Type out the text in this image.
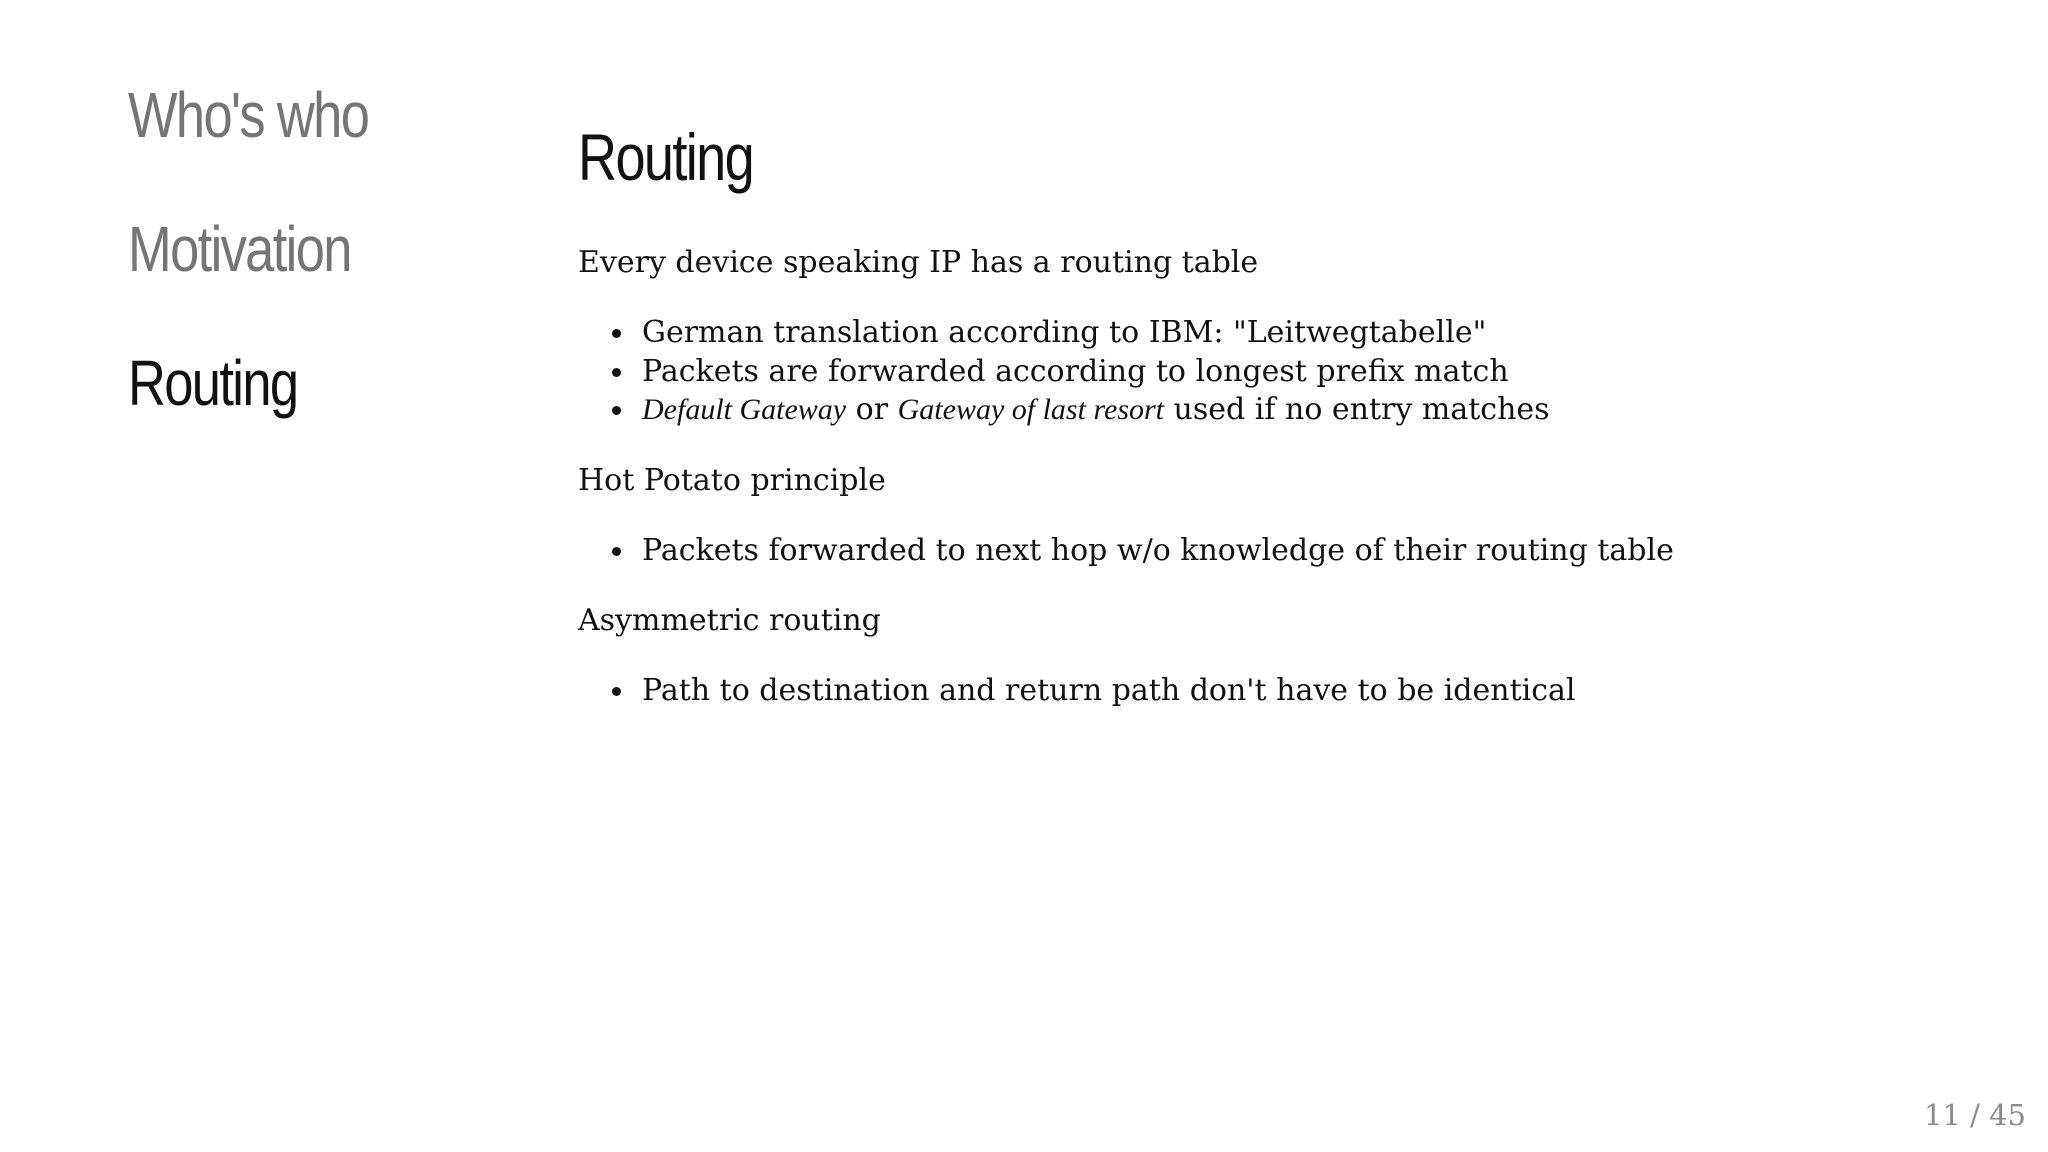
Who's who
Motivation
Routing
Routing

Every device speaking IP has a routing table

German translation according to IBM: "Leitwegtabelle"
Packets are forwarded according to longest prefix match
Default Gateway or Gateway of last resort used if no entry matches

Hot Potato principle

Packets forwarded to next hop w/o knowledge of their routing table

Asymmetric routing

Path to destination and return path don't have to be identical
11 / 45
